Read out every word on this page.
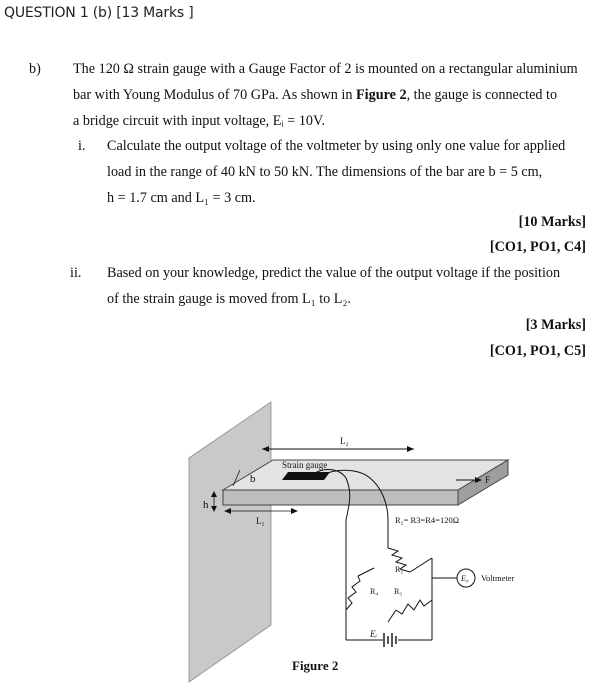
QUESTION 1 (b) [13 Marks ]
b) The 120 Ω strain gauge with a Gauge Factor of 2 is mounted on a rectangular aluminium
bar with Young Modulus of 70 GPa. As shown in Figure 2, the gauge is connected to
a bridge circuit with input voltage, Eᵢ = 10V.
i. Calculate the output voltage of the voltmeter by using only one value for applied
load in the range of 40 kN to 50 kN. The dimensions of the bar are b = 5 cm,
h = 1.7 cm and L₁ = 3 cm.
[10 Marks]
[CO1, PO1, C4]
ii. Based on your knowledge, predict the value of the output voltage if the position
of the strain gauge is moved from L₁ to L₂.
[3 Marks]
[CO1, PO1, C5]
L₂
Strain gauge
b	F
h
L₁
Eᵢ
R₂
R₄ R₃
E₀ Voltmeter
R₂= R3=R4=120Ω
Figure 2
